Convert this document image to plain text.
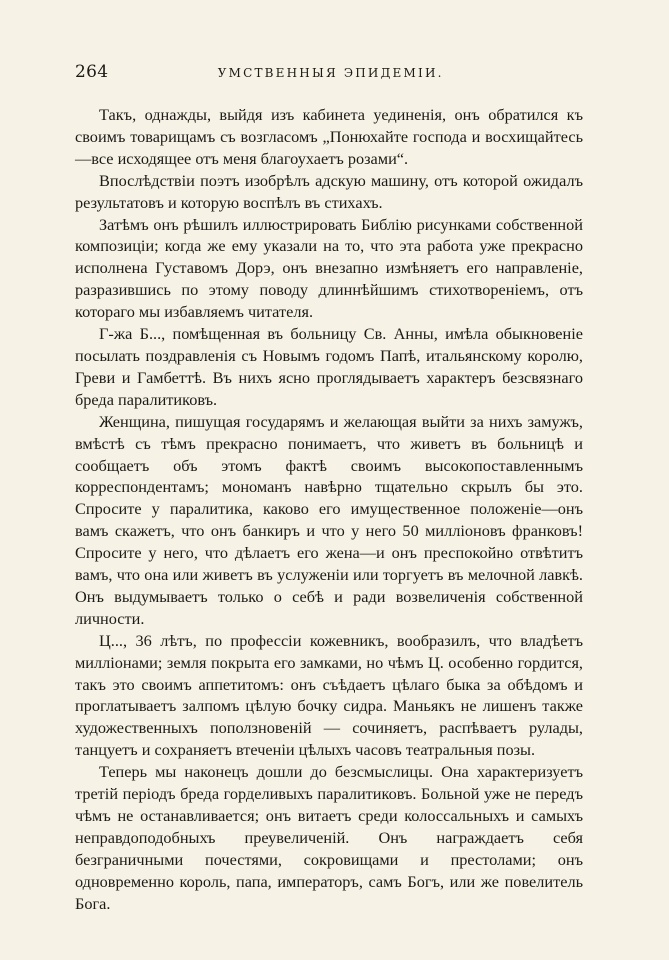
264	УМСТВЕННЫЯ ЭПИДЕМІИ.

Такъ, однажды, выйдя изъ кабинета уединенія, онъ обратился къ своимъ товарищамъ съ возгласомъ „Понюхайте господа и восхищайтесь—все исходящее отъ меня благоухаетъ розами“.

Впослѣдствіи поэтъ изобрѣлъ адскую машину, отъ которой ожидалъ результатовъ и которую воспѣлъ въ стихахъ.

Затѣмъ онъ рѣшилъ иллюстрировать Библію рисунками собственной композиціи; когда же ему указали на то, что эта работа уже прекрасно исполнена Густавомъ Дорэ, онъ внезапно измѣняетъ его направленіе, разразившись по этому поводу длиннѣйшимъ стихотвореніемъ, отъ котораго мы избавляемъ читателя.

Г-жа Б..., помѣщенная въ больницу Св. Анны, имѣла обыкновеніе посылать поздравленія съ Новымъ годомъ Папѣ, итальянскому королю, Греви и Гамбеттѣ. Въ нихъ ясно проглядываетъ характеръ безсвязнаго бреда паралитиковъ.

Женщина, пишущая государямъ и желающая выйти за нихъ замужъ, вмѣстѣ съ тѣмъ прекрасно понимаетъ, что живетъ въ больницѣ и сообщаетъ объ этомъ фактѣ своимъ высокопоставленнымъ корреспондентамъ; мономанъ навѣрно тщательно скрылъ бы это. Спросите у паралитика, каково его имущественное положеніе—онъ вамъ скажетъ, что онъ банкиръ и что у него 50 милліоновъ франковъ! Спросите у него, что дѣлаетъ его жена—и онъ преспокойно отвѣтитъ вамъ, что она или живетъ въ услуженіи или торгуетъ въ мелочной лавкѣ. Онъ выдумываетъ только о себѣ и ради возвеличенія собственной личности.

Ц..., 36 лѣтъ, по профессіи кожевникъ, вообразилъ, что владѣетъ милліонами; земля покрыта его замками, но чѣмъ Ц. особенно гордится, такъ это своимъ аппетитомъ: онъ съѣдаетъ цѣлаго быка за обѣдомъ и проглатываетъ залпомъ цѣлую бочку сидра. Маньякъ не лишенъ также художественныхъ поползновеній — сочиняетъ, распѣваетъ рулады, танцуетъ и сохраняетъ втеченіи цѣлыхъ часовъ театральныя позы.

Теперь мы наконецъ дошли до безсмыслицы. Она характеризуетъ третій періодъ бреда горделивыхъ паралитиковъ. Больной уже не передъ чѣмъ не останавливается; онъ витаетъ среди колоссальныхъ и самыхъ неправдоподобныхъ преувеличеній. Онъ награждаетъ себя безграничными почестями, сокровищами и престолами; онъ одновременно король, папа, императоръ, самъ Богъ, или же повелитель Бога.
